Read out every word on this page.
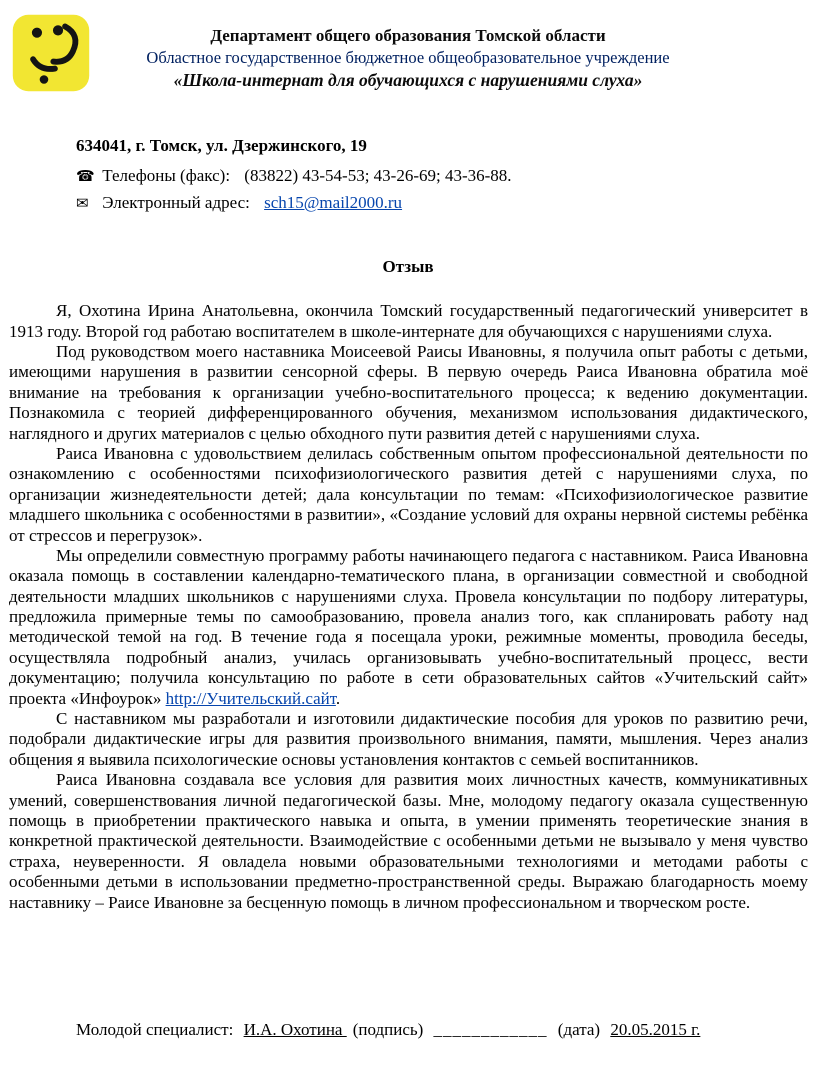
Департамент общего образования Томской области
Областное государственное бюджетное общеобразовательное учреждение
«Школа-интернат для обучающихся с нарушениями слуха»
634041, г. Томск, ул. Дзержинского, 19
☎ Телефоны (факс): (83822) 43-54-53; 43-26-69; 43-36-88.
✉ Электронный адрес: sch15@mail2000.ru
Отзыв

Я, Охотина Ирина Анатольевна, окончила Томский государственный педагогический университет в 1913 году. Второй год работаю воспитателем в школе-интернате для обучающихся с нарушениями слуха.

Под руководством моего наставника Моисеевой Раисы Ивановны, я получила опыт работы с детьми, имеющими нарушения в развитии сенсорной сферы. В первую очередь Раиса Ивановна обратила моё внимание на требования к организации учебно-воспитательного процесса; к ведению документации. Познакомила с теорией дифференцированного обучения, механизмом использования дидактического, наглядного и других материалов с целью обходного пути развития детей с нарушениями слуха.

Раиса Ивановна с удовольствием делилась собственным опытом профессиональной деятельности по ознакомлению с особенностями психофизиологического развития детей с нарушениями слуха, по организации жизнедеятельности детей; дала консультации по темам: «Психофизиологическое развитие младшего школьника с особенностями в развитии», «Создание условий для охраны нервной системы ребёнка от стрессов и перегрузок».

Мы определили совместную программу работы начинающего педагога с наставником. Раиса Ивановна оказала помощь в составлении календарно-тематического плана, в организации совместной и свободной деятельности младших школьников с нарушениями слуха. Провела консультации по подбору литературы, предложила примерные темы по самообразованию, провела анализ того, как спланировать работу над методической темой на год. В течение года я посещала уроки, режимные моменты, проводила беседы, осуществляла подробный анализ, училась организовывать учебно-воспитательный процесс, вести документацию; получила консультацию по работе в сети образовательных сайтов «Учительский сайт» проекта «Инфоурок» http://Учительский.сайт.

С наставником мы разработали и изготовили дидактические пособия для уроков по развитию речи, подобрали дидактические игры для развития произвольного внимания, памяти, мышления. Через анализ общения я выявила психологические основы установления контактов с семьей воспитанников.

Раиса Ивановна создавала все условия для развития моих личностных качеств, коммуникативных умений, совершенствования личной педагогической базы. Мне, молодому педагогу оказала существенную помощь в приобретении практического навыка и опыта, в умении применять теоретические знания в конкретной практической деятельности. Взаимодействие с особенными детьми не вызывало у меня чувство страха, неуверенности. Я овладела новыми образовательными технологиями и методами работы с особенными детьми в использовании предметно-пространственной среды. Выражаю благодарность моему наставнику – Раисе Ивановне за бесценную помощь в личном профессиональном и творческом росте.

Молодой специалист: И.А. Охотина (подпись) ____________ (дата) 20.05.2015 г.
